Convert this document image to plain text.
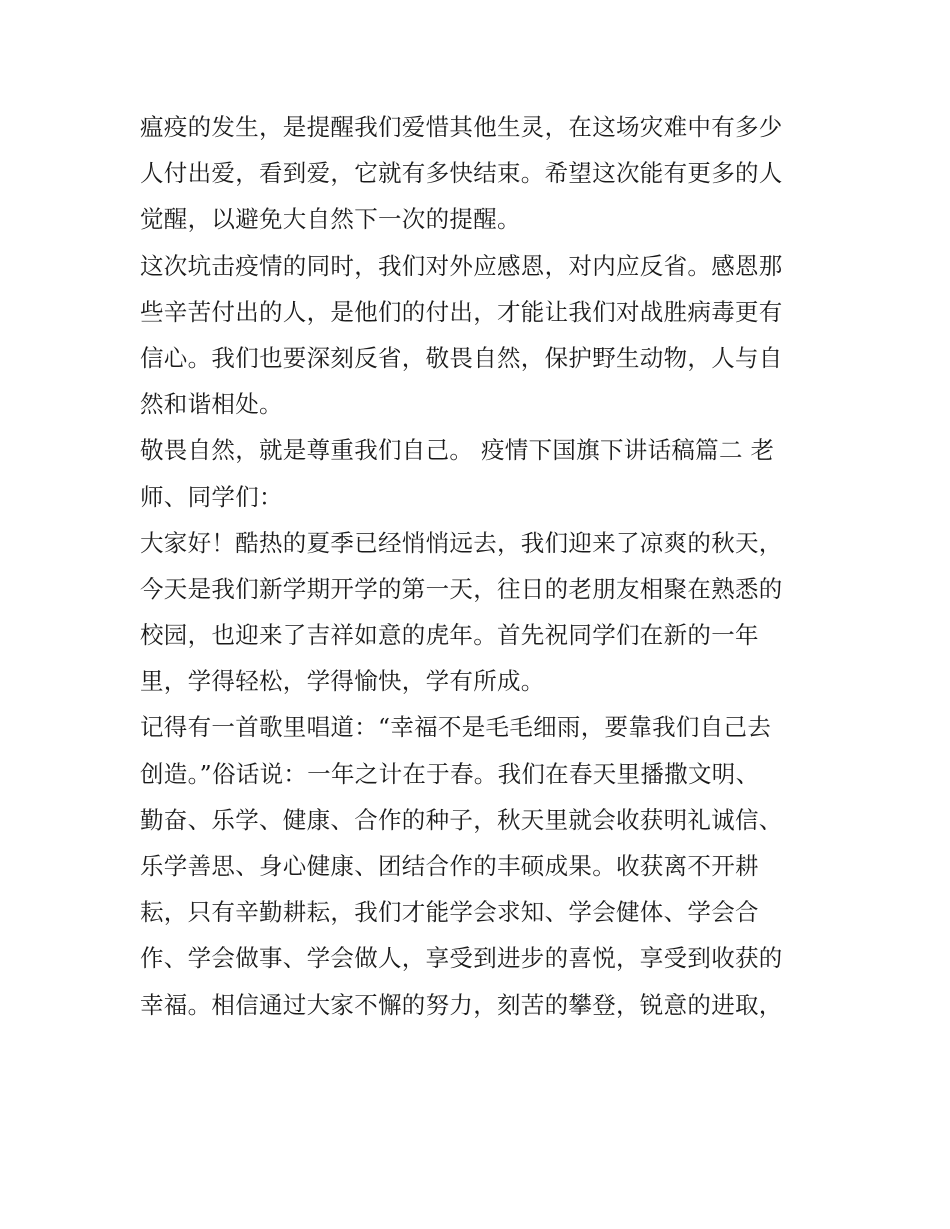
瘟疫的发生，是提醒我们爱惜其他生灵，在这场灾难中有多少
人付出爱，看到爱，它就有多快结束。希望这次能有更多的人
觉醒，以避免大自然下一次的提醒。
这次坑击疫情的同时，我们对外应感恩，对内应反省。感恩那
些辛苦付出的人，是他们的付出，才能让我们对战胜病毒更有
信心。我们也要深刻反省，敬畏自然，保护野生动物，人与自
然和谐相处。
敬畏自然，就是尊重我们自己。 疫情下国旗下讲话稿篇二 老
师、同学们：
大家好！酷热的夏季已经悄悄远去，我们迎来了凉爽的秋天，
今天是我们新学期开学的第一天，往日的老朋友相聚在熟悉的
校园，也迎来了吉祥如意的虎年。首先祝同学们在新的一年
里，学得轻松，学得愉快，学有所成。
记得有一首歌里唱道：“幸福不是毛毛细雨，要靠我们自己去
创造。”俗话说：一年之计在于春。我们在春天里播撒文明、
勤奋、乐学、健康、合作的种子，秋天里就会收获明礼诚信、
乐学善思、身心健康、团结合作的丰硕成果。收获离不开耕
耘，只有辛勤耕耘，我们才能学会求知、学会健体、学会合
作、学会做事、学会做人，享受到进步的喜悦，享受到收获的
幸福。相信通过大家不懈的努力，刻苦的攀登，锐意的进取，
